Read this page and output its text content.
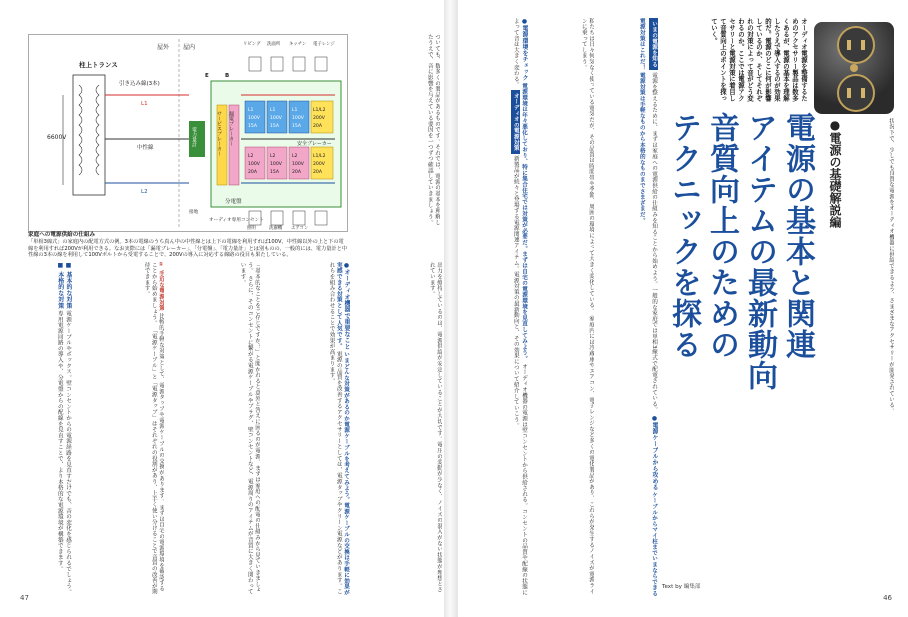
屋外 屋内
柱上トランス
6600V
引き込み線(3本)
L1
中性線
L2
電力量計
分電盤
サービスブレーカー 漏電ブレーカー
L1
100V
15A
L1
100V
15A
L1
100V
15A
L1/L2
200V
20A
L2
100V
20A
L2
100V
15A
L2
100V
20A
L1/L2
200V
20A
リビング 洗面所 キッチン 電子レンジ
照明	洗濯機 エアコン
E	B
安全ブレーカー
オーディオ専用コンセント
接地
家庭への電源供給の仕組み
「単相3線式」の家庭内の配電方式の例。3本の電線のうち真ん中の中性線とは上下の電線を利用すれば100V、中性線以外の上と下の電線を利用すれば200Vが利用できる。なお実際には「漏電ブレーカー」、「分電盤」、「電力量計」とは別ものの、一般的には、電力量計と中性線の3本の線を利用して100Vボルトから受電することで、200Vの導入に対応する線路の役目も果たしている。
ついても、数多くの製品があるものです。それでは、電源の基本を理解したうえで、音に影響を与えている要因を一つずつ確認していきましょう。
出力を維持しているのは、電源供給が安定していることが大切です。電圧の変動が少なく、ノイズの混入がない状態が理想とされています。
●オーディオ機器で重要なこと いまどんな対策があるのか電源ケーブルを考えてみよう。電源ケーブルの交換は手軽に効果が実感できる対策として人気です。 電源の品質を改善するアクセサリーとしては、電源タップやクリーン電源などがあります。これらを組み合わせることで効果が高まります。
「基本的なことをご存じですか？」と聞かれると意外と答えに困るのが電源。まずは家庭への配電の仕組みから見ていきましょう。 さらに、そのコンセントに繋がる電源ケーブルやプラグ、壁コンセントなど、電源周りのアイテムが音質に大きく関わっています。
① 手近な電源対策 比較的手軽な対策として、電源タップや電源ケーブルの交換があります。まずは自宅の電源環境を確認することから始めましょう。 「電源ケーブル」と「電源タップ」はそれぞれの役割があり、上手く使い分けることで音質の改善が期待できます。
■ 基本的な対策 電源ケーブルやボックス。壁コンセントからの電源経路を見直すだけでも、音の変化を感じられるでしょう。 ■ 本格的な対策 専用電源回路の導入や、分電盤からの配線を見直すことで、より本格的な電源環境が構築できます。
47
オーディオ電源を整備するためのアクセサリー製品は数多くあるが、電源の基本を理解したうえで導入するのが効果的だ。電源のどこに何が影響しているのか、そしてそれぞれの対策によって音がどう変わるのか。ここでは電源アクセサリーと電源対策に着目して音質向上のポイントを探っていく。
電源の基本と関連
アイテムの最新動向
音質向上のための
テクニックを探る	●電源の基礎解説編
Text by 編集部
状況下で、少しでも良質な電源をオーディオ機器に供給できるよう、さまざまなアクセサリーが開発されている。
いまの電源を知る 電源を整えるために、まずは家庭への電源供給の仕組みを知ることから始めよう。一般的な家庭では単相3線式で配電されている。 ●電源ケーブルから攻める ケーブルからマイ柱までいまならできる電源対策はこれだ！ 電源対策は手軽なものから本格的なものまでさまざまだ。
私たちは日々何気なく使っている電気だが、その品質は時間帯や季節、周囲の環境によって大きく変化している。 家庭内には冷蔵庫やエアコン、電子レンジなど多くの電化製品があり、これらが発生するノイズが電源ラインに乗ってしまう。
●電源環境をチェック 電源環境は年々悪化しており、特に集合住宅では対策が必要だ。まずは自宅の電源環境を見直してみよう。 オーディオ機器の電源は壁コンセントから供給される。コンセントの品質や配線の状態によって音は大きく変わる。 オーディオの電源対策 新製品が続々と登場する電源関連アイテム。電源対策の最新動向と、その効果について紹介していこう。
46
